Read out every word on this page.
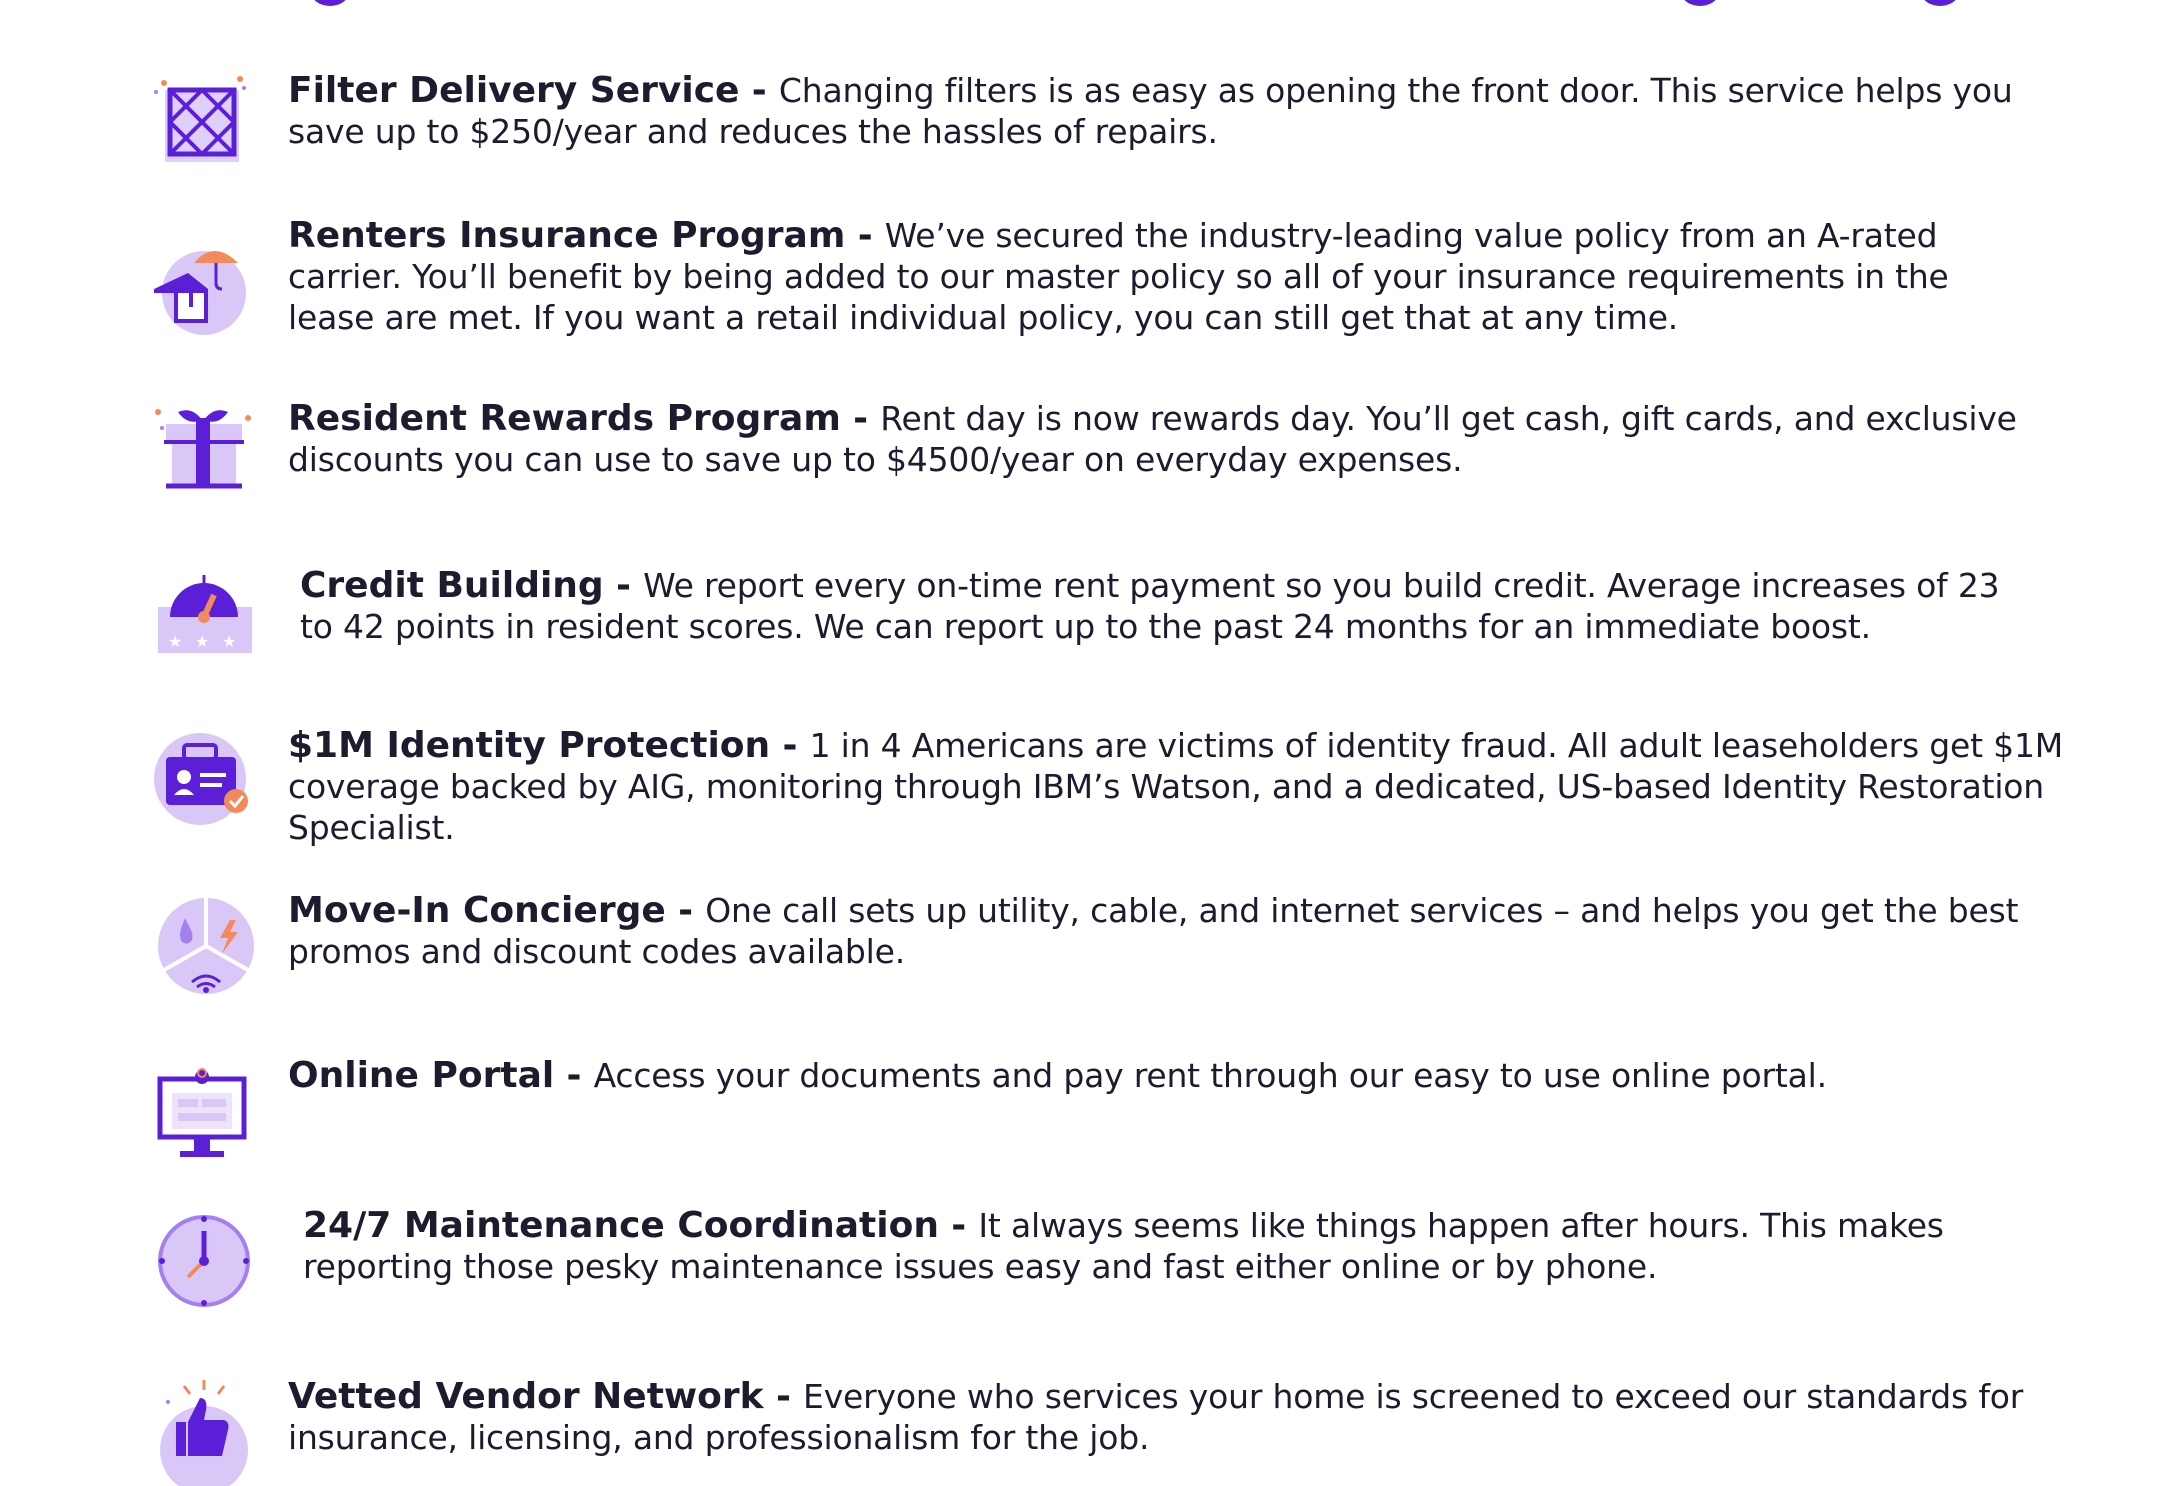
Filter Delivery Service - Changing filters is as easy as opening the front door. This service helps you save up to $250/year and reduces the hassles of repairs.
Renters Insurance Program - We’ve secured the industry-leading value policy from an A-rated carrier. You’ll benefit by being added to our master policy so all of your insurance requirements in the lease are met. If you want a retail individual policy, you can still get that at any time.
Resident Rewards Program - Rent day is now rewards day. You’ll get cash, gift cards, and exclusive discounts you can use to save up to $4500/year on everyday expenses.
★ ★ ★
Credit Building - We report every on-time rent payment so you build credit. Average increases of 23 to 42 points in resident scores. We can report up to the past 24 months for an immediate boost.
$1M Identity Protection - 1 in 4 Americans are victims of identity fraud. All adult leaseholders get $1M coverage backed by AIG, monitoring through IBM’s Watson, and a dedicated, US-based Identity Restoration Specialist.
Move-In Concierge - One call sets up utility, cable, and internet services – and helps you get the best promos and discount codes available.
Online Portal - Access your documents and pay rent through our easy to use online portal.
24/7 Maintenance Coordination - It always seems like things happen after hours. This makes reporting those pesky maintenance issues easy and fast either online or by phone.
Vetted Vendor Network - Everyone who services your home is screened to exceed our standards for insurance, licensing, and professionalism for the job.
